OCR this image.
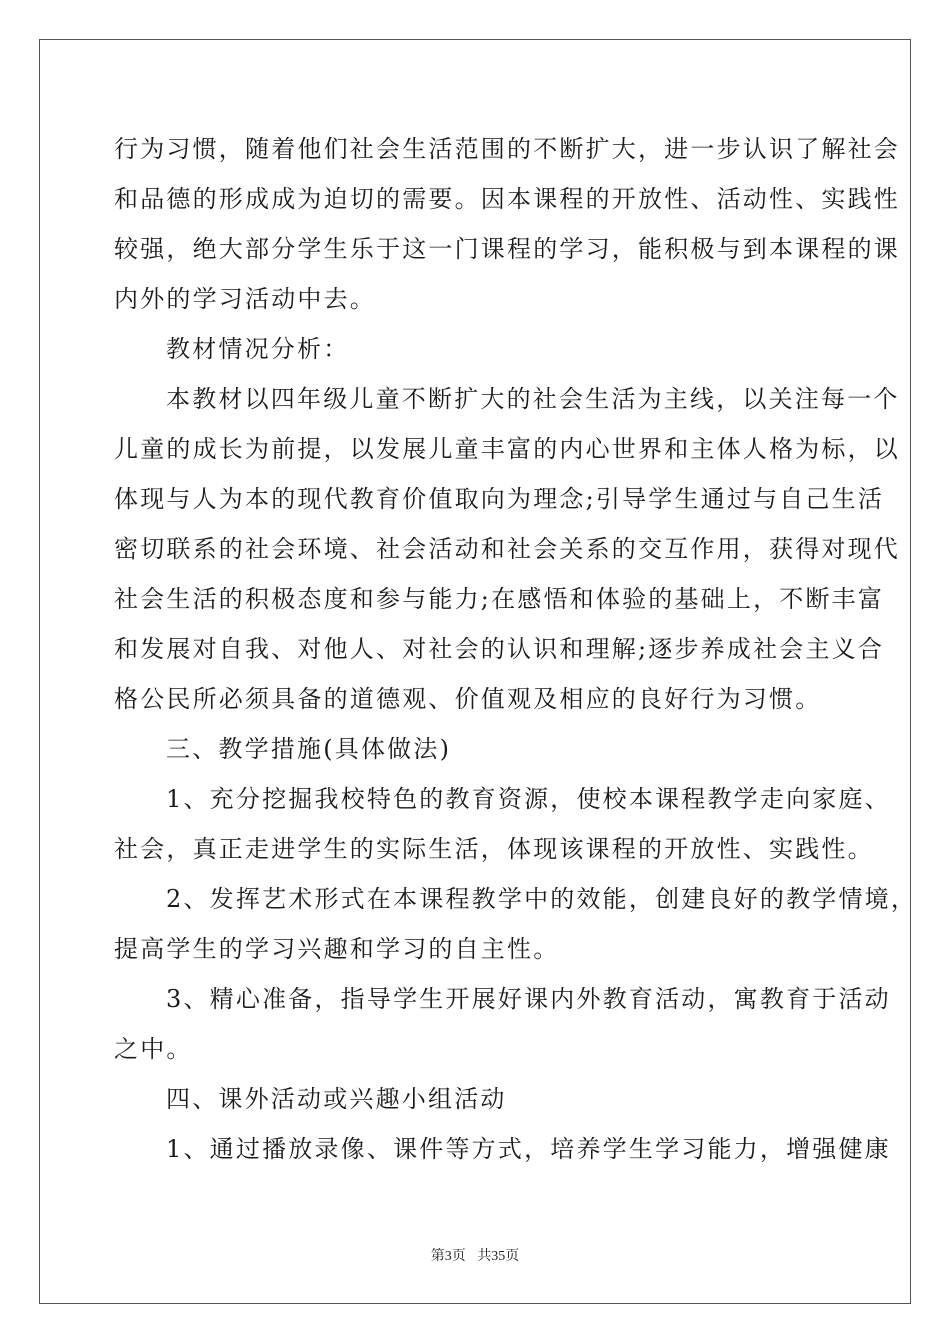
行为习惯，随着他们社会生活范围的不断扩大，进一步认识了解社会
和品德的形成成为迫切的需要。因本课程的开放性、活动性、实践性
较强，绝大部分学生乐于这一门课程的学习，能积极与到本课程的课
内外的学习活动中去。
教材情况分析：
本教材以四年级儿童不断扩大的社会生活为主线，以关注每一个
儿童的成长为前提，以发展儿童丰富的内心世界和主体人格为标，以
体现与人为本的现代教育价值取向为理念;引导学生通过与自己生活
密切联系的社会环境、社会活动和社会关系的交互作用，获得对现代
社会生活的积极态度和参与能力;在感悟和体验的基础上，不断丰富
和发展对自我、对他人、对社会的认识和理解;逐步养成社会主义合
格公民所必须具备的道德观、价值观及相应的良好行为习惯。
三、教学措施(具体做法)
1、充分挖掘我校特色的教育资源，使校本课程教学走向家庭、
社会，真正走进学生的实际生活，体现该课程的开放性、实践性。
2、发挥艺术形式在本课程教学中的效能，创建良好的教学情境，
提高学生的学习兴趣和学习的自主性。
3、精心准备，指导学生开展好课内外教育活动，寓教育于活动
之中。
四、课外活动或兴趣小组活动
1、通过播放录像、课件等方式，培养学生学习能力，增强健康
第3页 共35页
